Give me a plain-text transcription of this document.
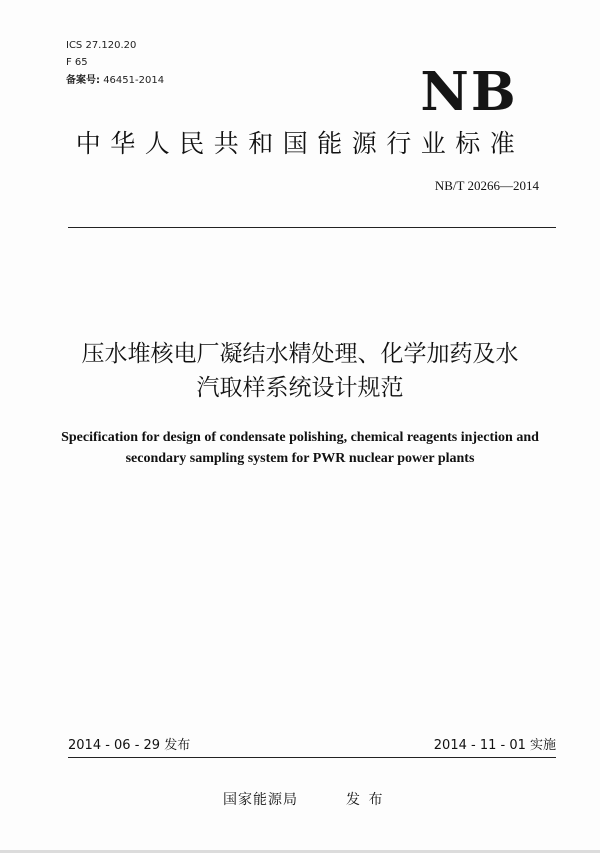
ICS 27.120.20
F 65
备案号: 46451-2014	NB
中华人民共和国能源行业标准
NB/T 20266—2014
压水堆核电厂凝结水精处理、化学加药及水
汽取样系统设计规范
Specification for design of condensate polishing, chemical reagents injection and
secondary sampling system for PWR nuclear power plants
2014 - 06 - 29 发布	2014 - 11 - 01 实施
国家能源局	发 布
